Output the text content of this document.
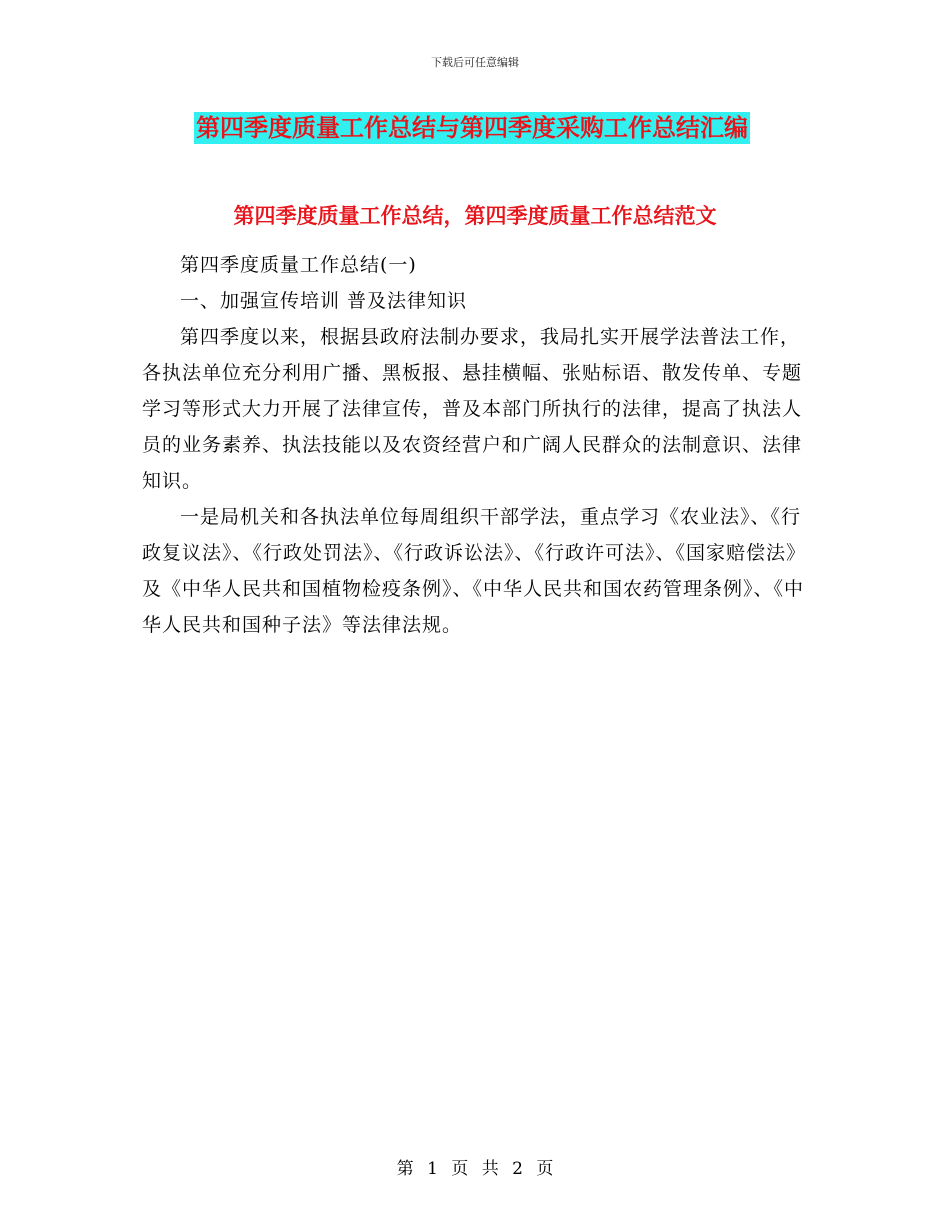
下载后可任意编辑
第四季度质量工作总结与第四季度采购工作总结汇编
第四季度质量工作总结，第四季度质量工作总结范文

第四季度质量工作总结(一)

一、加强宣传培训 普及法律知识

第四季度以来，根据县政府法制办要求，我局扎实开展学法普法工作，各执法单位充分利用广播、黑板报、悬挂横幅、张贴标语、散发传单、专题学习等形式大力开展了法律宣传，普及本部门所执行的法律，提高了执法人员的业务素养、执法技能以及农资经营户和广阔人民群众的法制意识、法律知识。

一是局机关和各执法单位每周组织干部学法，重点学习《农业法》、《行政复议法》、《行政处罚法》、《行政诉讼法》、《行政许可法》、《国家赔偿法》及《中华人民共和国植物检疫条例》、《中华人民共和国农药管理条例》、《中华人民共和国种子法》等法律法规。

第 1 页 共 2 页
